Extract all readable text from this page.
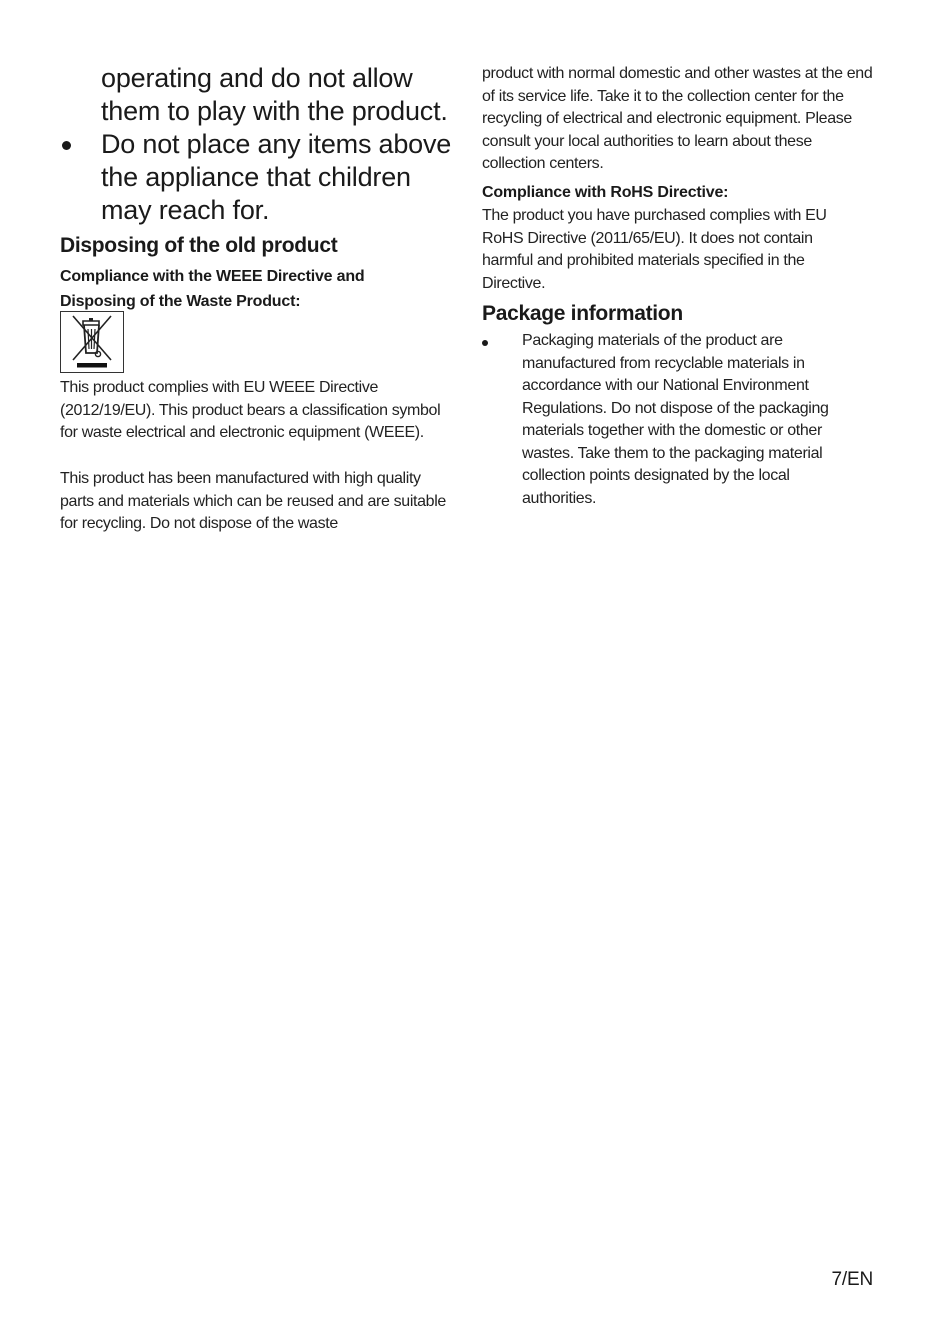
operating and do not allow them to play with the product.
Do not place any items above the appliance that children may reach for.
Disposing of the old product
Compliance with the WEEE Directive and
Disposing of the Waste Product:

This product complies with EU WEEE Directive (2012/19/EU). This product bears a classification symbol for waste electrical and electronic equipment (WEEE).

This product has been manufactured with high quality parts and materials which can be reused and are suitable for recycling. Do not dispose of the waste

product with normal domestic and other wastes at the end of its service life. Take it to the collection center for the recycling of electrical and electronic equipment. Please consult your local authorities to learn about these collection centers.

Compliance with RoHS Directive:

The product you have purchased complies with EU RoHS Directive (2011/65/EU). It does not contain harmful and prohibited materials specified in the Directive.

Package information

Packaging materials of the product are manufactured from recyclable materials in accordance with our National Environment Regulations. Do not dispose of the packaging materials together with the domestic or other wastes. Take them to the packaging material collection points designated by the local authorities.

7/EN
